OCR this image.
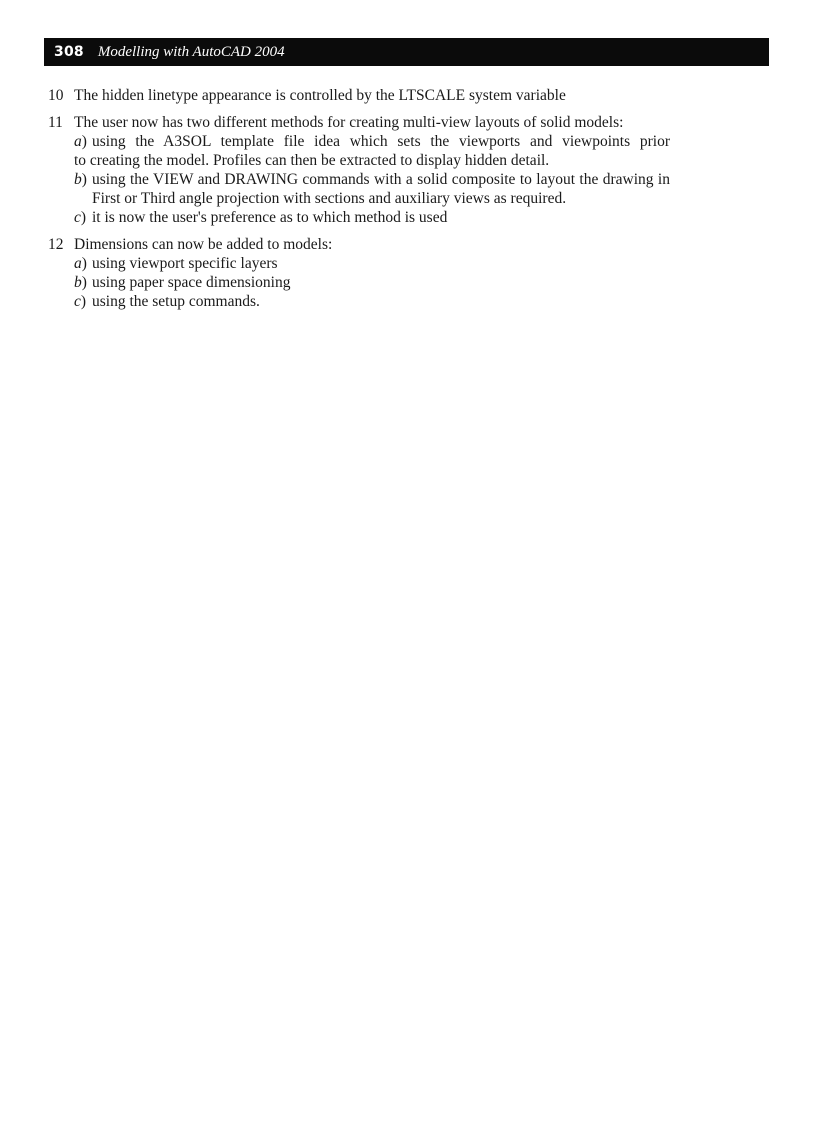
308 Modelling with AutoCAD 2004
10 The hidden linetype appearance is controlled by the LTSCALE system variable
11 The user now has two different methods for creating multi-view layouts of solid models:
a) using the A3SOL template file idea which sets the viewports and viewpoints prior
to creating the model. Profiles can then be extracted to display hidden detail.
b) using the VIEW and DRAWING commands with a solid composite to layout the drawing in First or Third angle projection with sections and auxiliary views as required.
c) it is now the user's preference as to which method is used
12 Dimensions can now be added to models:
a) using viewport specific layers
b) using paper space dimensioning
c) using the setup commands.
